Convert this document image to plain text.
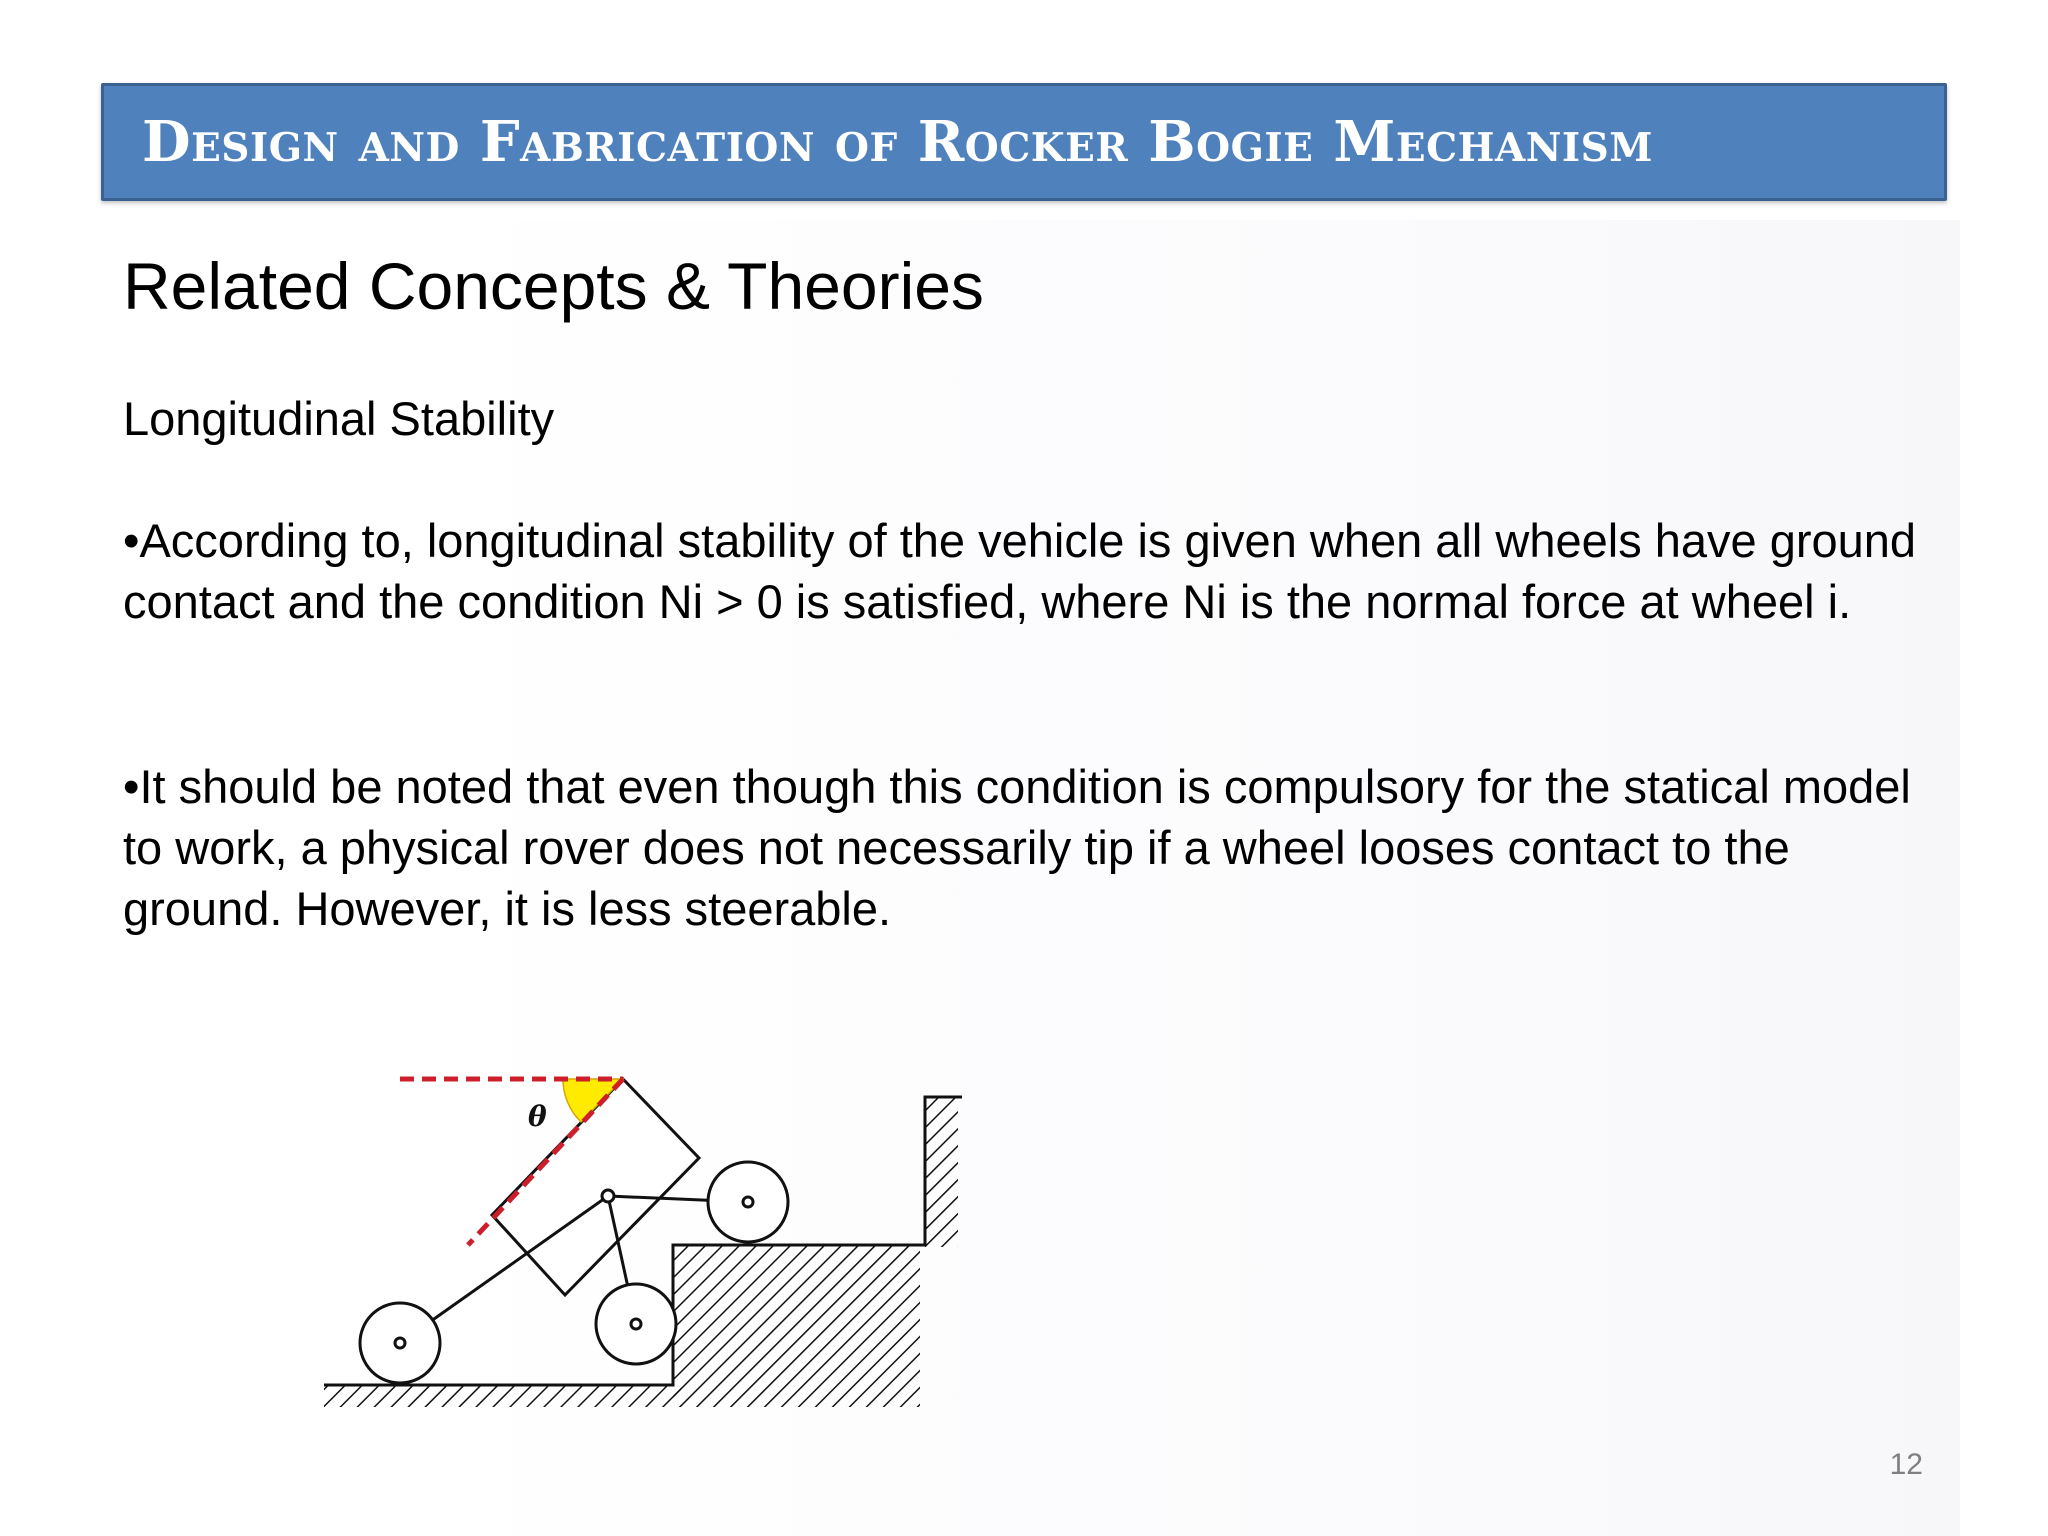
Design and Fabrication of Rocker Bogie Mechanism
Related Concepts & Theories
Longitudinal Stability

•According to, longitudinal stability of the vehicle is given when all wheels have ground contact and the condition Ni > 0 is satisfied, where Ni is the normal force at wheel i.

•It should be noted that even though this condition is compulsory for the statical model to work, a physical rover does not necessarily tip if a wheel looses contact to the ground. However, it is less steerable.

θ
12
